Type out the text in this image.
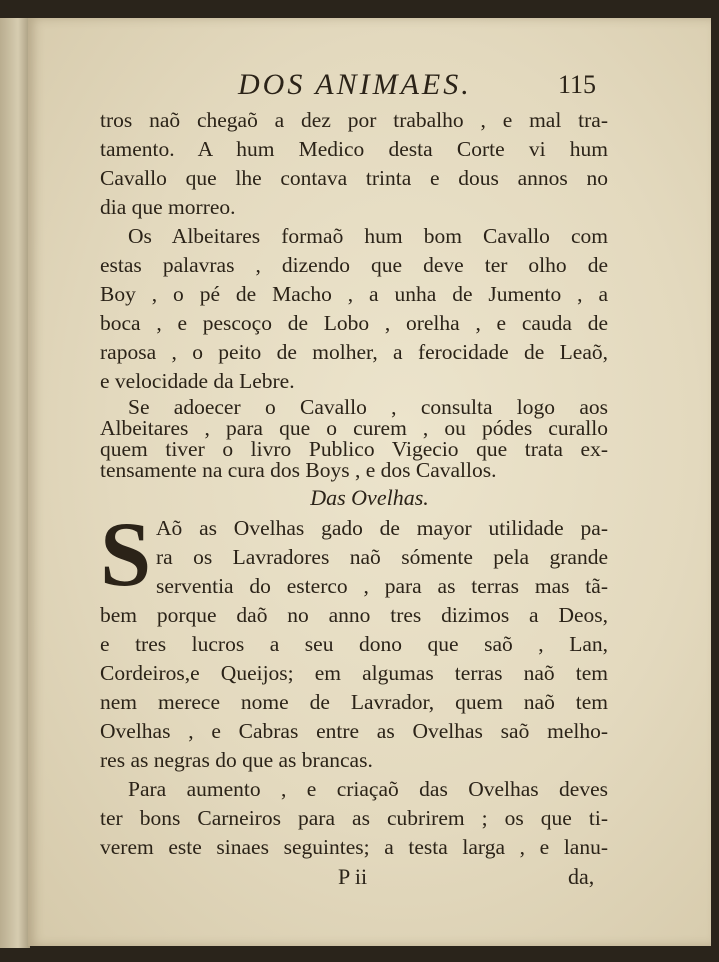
DOS ANIMAES.	115
tros naõ chegaõ a dez por trabalho , e mal tra-
tamento. A hum Medico desta Corte vi hum
Cavallo que lhe contava trinta e dous annos no
dia que morreo.
Os Albeitares formaõ hum bom Cavallo com
estas palavras , dizendo que deve ter olho de
Boy , o pé de Macho , a unha de Jumento , a
boca , e pescoço de Lobo , orelha , e cauda de
raposa , o peito de molher, a ferocidade de Leaõ,
e velocidade da Lebre.
Se adoecer o Cavallo , consulta logo aos
Albeitares , para que o curem , ou pódes curallo
quem tiver o livro Publico Vigecio que trata ex-
Das Ovelhas.
S Aõ as Ovelhas gado de mayor utilidade pa-
ra os Lavradores naõ sómente pela grande
serventia do esterco , para as terras mas tã-
bem porque daõ no anno tres dizimos a Deos,
e tres lucros a seu dono que saõ , Lan,
Cordeiros,e Queijos; em algumas terras naõ tem
nem merece nome de Lavrador, quem naõ tem
Ovelhas , e Cabras entre as Ovelhas saõ melho-
res as negras do que as brancas.
Para aumento , e criaçaõ das Ovelhas deves
ter bons Carneiros para as cubrirem ; os que ti-
verem este sinaes seguintes; a testa larga , e lanu-
P ii	da,
tensamente na cura dos Boys , e dos Cavallos.
